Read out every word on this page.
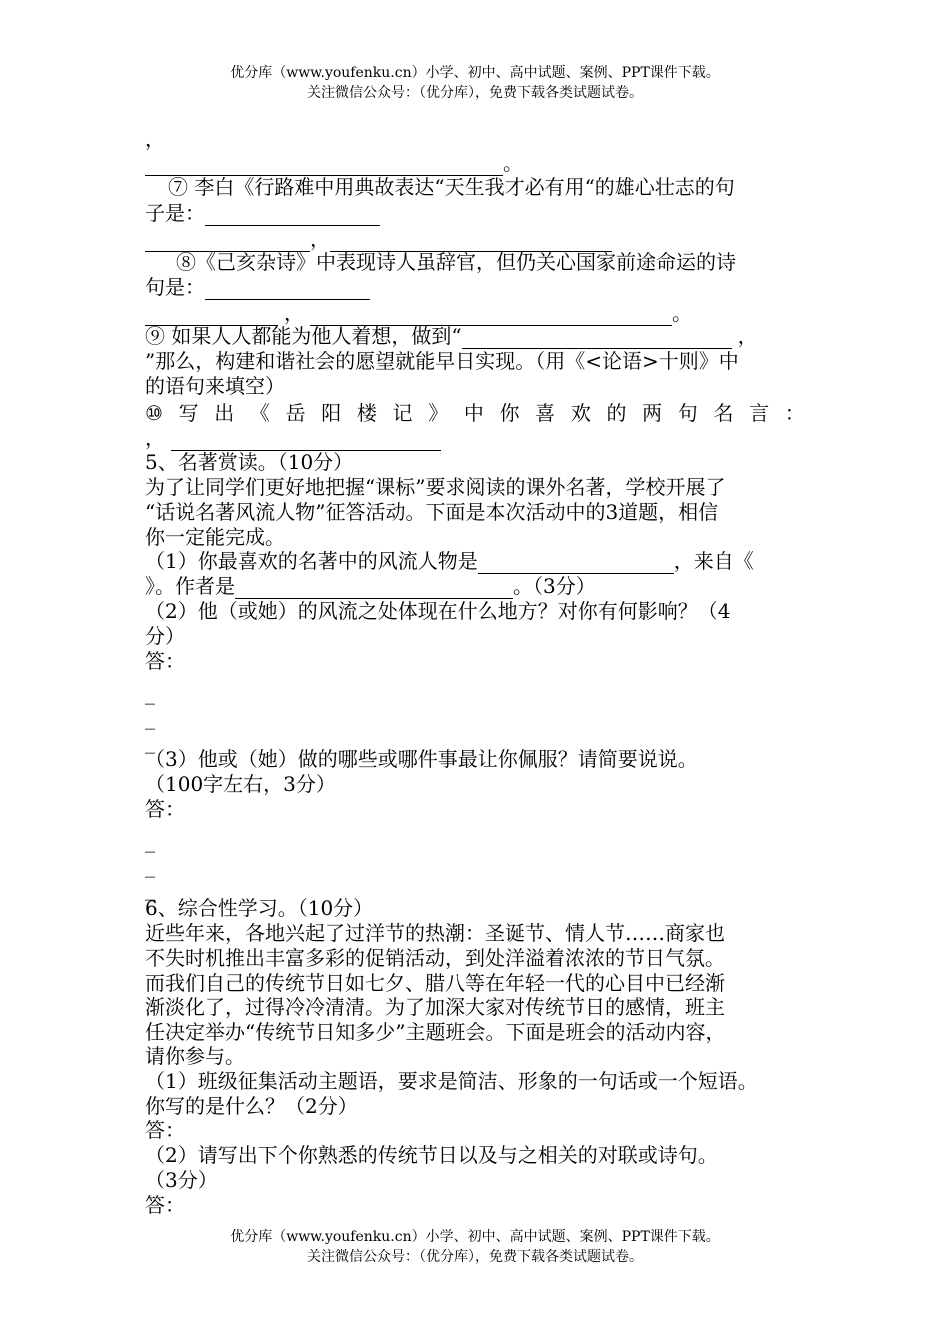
优分库（www.youfenku.cn）小学、初中、高中试题、案例、PPT课件下载。
关注微信公众号：（优分库），免费下载各类试题试卷。
，
。
⑦ 李白《行路难中用典故表达“天生我才必有用“的雄心壮志的句
子是：
，
⑧《己亥杂诗》中表现诗人虽辞官，但仍关心国家前途命运的诗
句是：
，	。
⑨ 如果人人都能为他人着想，做到“	，
”那么，构建和谐社会的愿望就能早日实现。（用《<论语>十则》中
的语句来填空）
⑩ 写 出 《 岳 阳 楼 记 》 中 你 喜 欢 的 两 句 名 言 ：
，
5、名著赏读。（10分）
为了让同学们更好地把握“课标”要求阅读的课外名著，学校开展了
“话说名著风流人物”征答活动。下面是本次活动中的3道题，相信
你一定能完成。
（1）你最喜欢的名著中的风流人物是	，来自《
》。作者是	。（3分）
（2）他（或她）的风流之处体现在什么地方？对你有何影响？（4
分）
答：
_
_
_
（3）他或（她）做的哪些或哪件事最让你佩服？请简要说说。
（100字左右，3分）
答：
_
_
_
6、综合性学习。（10分）
近些年来，各地兴起了过洋节的热潮：圣诞节、情人节……商家也
不失时机推出丰富多彩的促销活动，到处洋溢着浓浓的节日气氛。
而我们自己的传统节日如七夕、腊八等在年轻一代的心目中已经渐
渐淡化了，过得冷冷清清。为了加深大家对传统节日的感情，班主
任决定举办“传统节日知多少”主题班会。下面是班会的活动内容，
请你参与。
（1）班级征集活动主题语，要求是简洁、形象的一句话或一个短语。
你写的是什么？（2分）
答：
（2）请写出下个你熟悉的传统节日以及与之相关的对联或诗句。
（3分）
答：
优分库（www.youfenku.cn）小学、初中、高中试题、案例、PPT课件下载。
关注微信公众号：（优分库），免费下载各类试题试卷。
